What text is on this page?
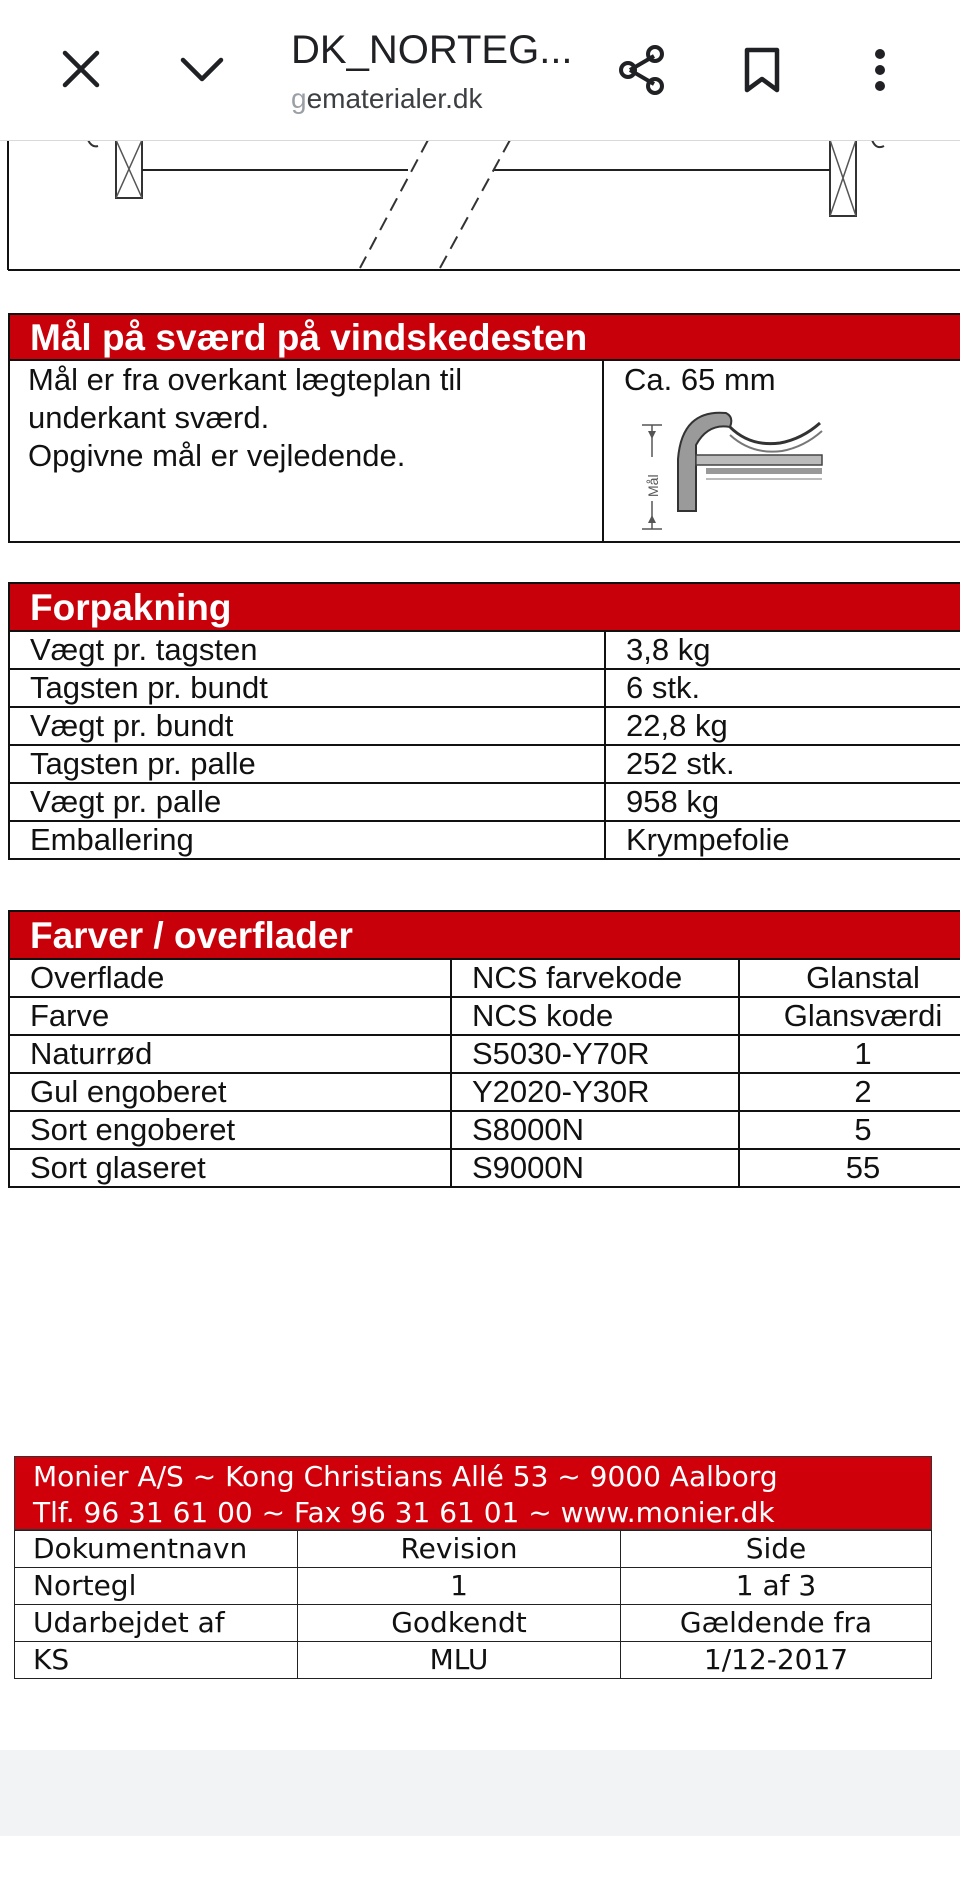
DK_NORTEG...
gematerialer.dk
Mål på sværd på vindskedesten
Mål er fra overkant lægteplan til
underkant sværd.
Opgivne mål er vejledende.
Ca. 65 mm
Mål
Forpakning
Vægt pr. tagsten	3,8 kg
Tagsten pr. bundt	6 stk.
Vægt pr. bundt	22,8 kg
Tagsten pr. palle	252 stk.
Vægt pr. palle	958 kg
Emballering	Krympefolie
Farver / overflader
Overflade	NCS farvekode	Glanstal
Farve	NCS kode	Glansværdi
Naturrød	S5030-Y70R	1
Gul engoberet	Y2020-Y30R	2
Sort engoberet	S8000N	5
Sort glaseret	S9000N	55
Monier A/S ~ Kong Christians Allé 53 ~ 9000 Aalborg
Tlf. 96 31 61 00 ~ Fax 96 31 61 01 ~ www.monier.dk
Dokumentnavn	Revision	Side
Nortegl	1	1 af 3
Udarbejdet af	Godkendt	Gældende fra
KS	MLU	1/12-2017
